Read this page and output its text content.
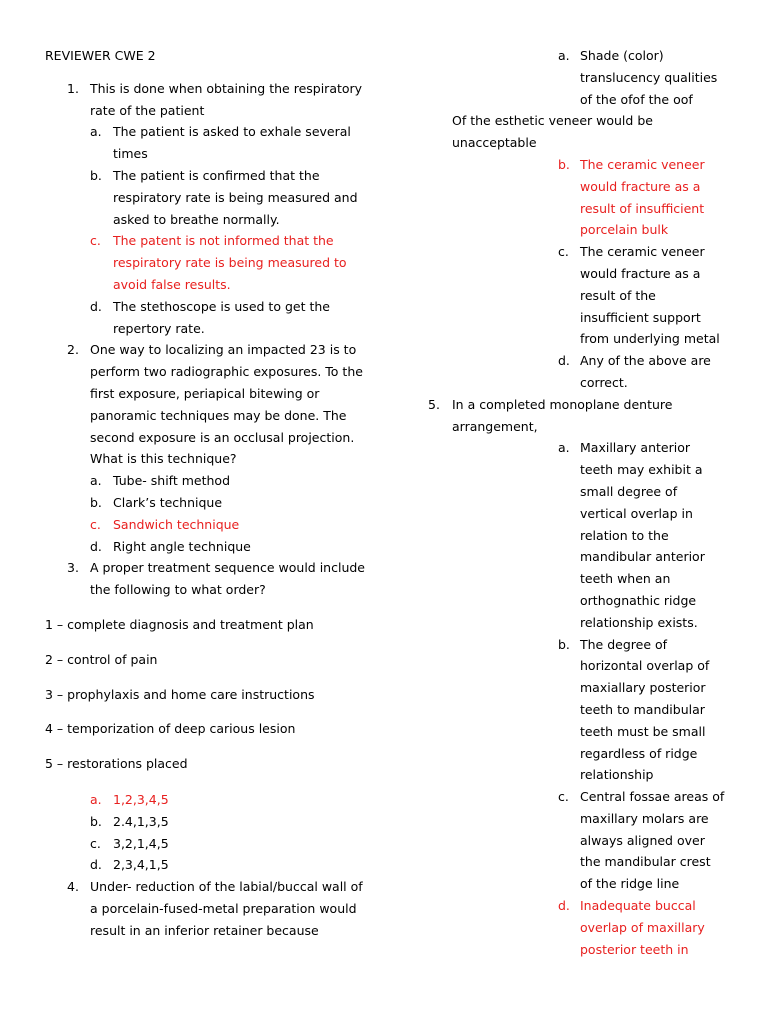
REVIEWER CWE 2
1. This is done when obtaining the respiratory
rate of the patient
a. The patient is asked to exhale several
times
b. The patient is confirmed that the
respiratory rate is being measured and
asked to breathe normally.
c. The patent is not informed that the
respiratory rate is being measured to
avoid false results.
d. The stethoscope is used to get the
repertory rate.
2. One way to localizing an impacted 23 is to
perform two radiographic exposures. To the
first exposure, periapical bitewing or
panoramic techniques may be done. The
second exposure is an occlusal projection.
What is this technique?
a. Tube- shift method
b. Clark’s technique
c. Sandwich technique
d. Right angle technique
3. A proper treatment sequence would include
the following to what order?
1 – complete diagnosis and treatment plan
2 – control of pain
3 – prophylaxis and home care instructions
4 – temporization of deep carious lesion
5 – restorations placed
a. 1,2,3,4,5
b. 2.4,1,3,5
c. 3,2,1,4,5
d. 2,3,4,1,5
4. Under- reduction of the labial/buccal wall of
a porcelain-fused-metal preparation would
result in an inferior retainer because
a. Shade (color)
translucency qualities
of the ofof the oof
Of the esthetic veneer would be
unacceptable
b. The ceramic veneer
would fracture as a
result of insufficient
porcelain bulk
c. The ceramic veneer
would fracture as a
result of the
insufficient support
from underlying metal
d. Any of the above are
correct.
5. In a completed monoplane denture
arrangement,
a. Maxillary anterior
teeth may exhibit a
small degree of
vertical overlap in
relation to the
mandibular anterior
teeth when an
orthognathic ridge
relationship exists.
b. The degree of
horizontal overlap of
maxiallary posterior
teeth to mandibular
teeth must be small
regardless of ridge
relationship
c. Central fossae areas of
maxillary molars are
always aligned over
the mandibular crest
of the ridge line
d. Inadequate buccal
overlap of maxillary
posterior teeth in
